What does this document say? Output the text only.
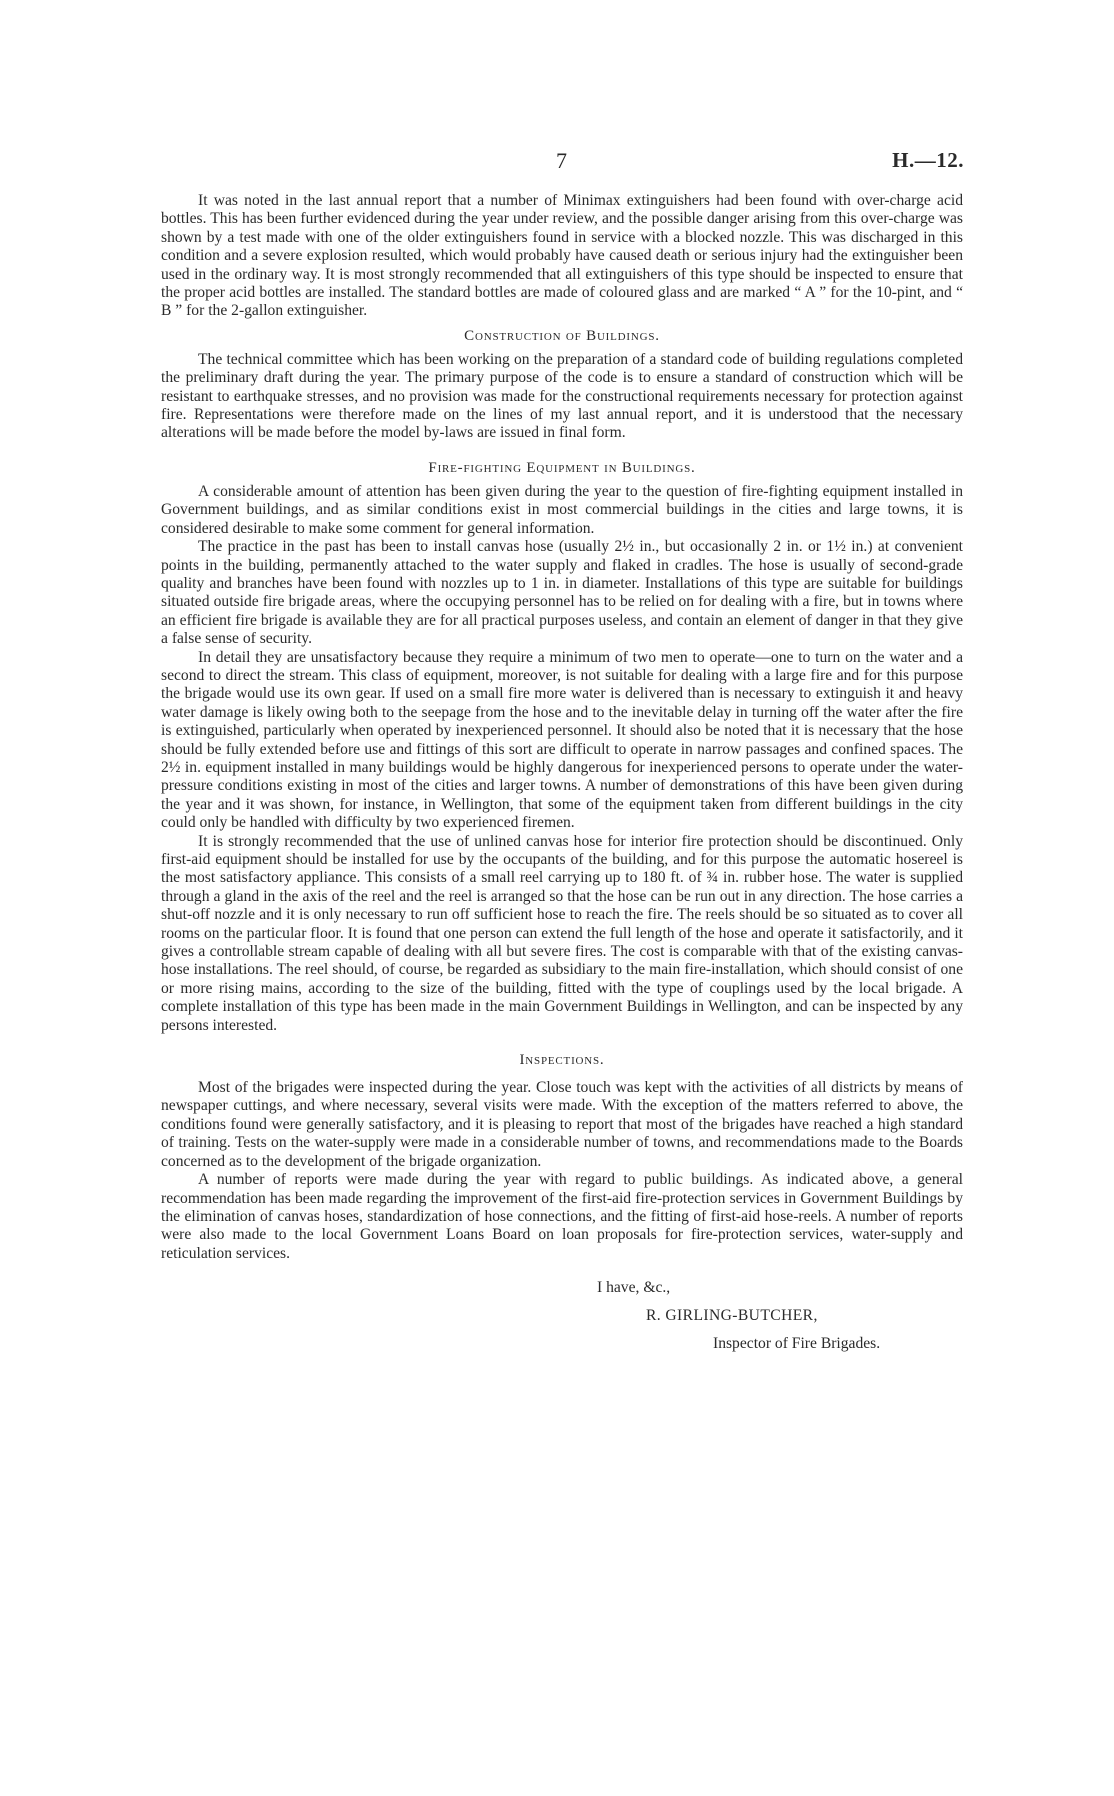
7	H.—12.

It was noted in the last annual report that a number of Minimax extinguishers had been found with over-charge acid bottles. This has been further evidenced during the year under review, and the possible danger arising from this over-charge was shown by a test made with one of the older extinguishers found in service with a blocked nozzle. This was discharged in this condition and a severe explosion resulted, which would probably have caused death or serious injury had the extinguisher been used in the ordinary way. It is most strongly recommended that all extinguishers of this type should be inspected to ensure that the proper acid bottles are installed. The standard bottles are made of coloured glass and are marked “ A ” for the 10-pint, and “ B ” for the 2-gallon extinguisher.

Construction of Buildings.

The technical committee which has been working on the preparation of a standard code of building regulations completed the preliminary draft during the year. The primary purpose of the code is to ensure a standard of construction which will be resistant to earthquake stresses, and no provision was made for the constructional requirements necessary for protection against fire. Representations were therefore made on the lines of my last annual report, and it is understood that the necessary alterations will be made before the model by-laws are issued in final form.

Fire-fighting Equipment in Buildings.

A considerable amount of attention has been given during the year to the question of fire-fighting equipment installed in Government buildings, and as similar conditions exist in most commercial buildings in the cities and large towns, it is considered desirable to make some comment for general information.

The practice in the past has been to install canvas hose (usually 2½ in., but occasionally 2 in. or 1½ in.) at convenient points in the building, permanently attached to the water supply and flaked in cradles. The hose is usually of second-grade quality and branches have been found with nozzles up to 1 in. in diameter. Installations of this type are suitable for buildings situated outside fire brigade areas, where the occupying personnel has to be relied on for dealing with a fire, but in towns where an efficient fire brigade is available they are for all practical purposes useless, and contain an element of danger in that they give a false sense of security.

In detail they are unsatisfactory because they require a minimum of two men to operate—one to turn on the water and a second to direct the stream. This class of equipment, moreover, is not suitable for dealing with a large fire and for this purpose the brigade would use its own gear. If used on a small fire more water is delivered than is necessary to extinguish it and heavy water damage is likely owing both to the seepage from the hose and to the inevitable delay in turning off the water after the fire is extinguished, particularly when operated by inexperienced personnel. It should also be noted that it is necessary that the hose should be fully extended before use and fittings of this sort are difficult to operate in narrow passages and confined spaces. The 2½ in. equipment installed in many buildings would be highly dangerous for inexperienced persons to operate under the water-pressure conditions existing in most of the cities and larger towns. A number of demonstrations of this have been given during the year and it was shown, for instance, in Wellington, that some of the equipment taken from different buildings in the city could only be handled with difficulty by two experienced firemen.

It is strongly recommended that the use of unlined canvas hose for interior fire protection should be discontinued. Only first-aid equipment should be installed for use by the occupants of the building, and for this purpose the automatic hosereel is the most satisfactory appliance. This consists of a small reel carrying up to 180 ft. of ¾ in. rubber hose. The water is supplied through a gland in the axis of the reel and the reel is arranged so that the hose can be run out in any direction. The hose carries a shut-off nozzle and it is only necessary to run off sufficient hose to reach the fire. The reels should be so situated as to cover all rooms on the particular floor. It is found that one person can extend the full length of the hose and operate it satisfactorily, and it gives a controllable stream capable of dealing with all but severe fires. The cost is comparable with that of the existing canvas-hose installations. The reel should, of course, be regarded as subsidiary to the main fire-installation, which should consist of one or more rising mains, according to the size of the building, fitted with the type of couplings used by the local brigade. A complete installation of this type has been made in the main Government Buildings in Wellington, and can be inspected by any persons interested.

Inspections.

Most of the brigades were inspected during the year. Close touch was kept with the activities of all districts by means of newspaper cuttings, and where necessary, several visits were made. With the exception of the matters referred to above, the conditions found were generally satisfactory, and it is pleasing to report that most of the brigades have reached a high standard of training. Tests on the water-supply were made in a considerable number of towns, and recommendations made to the Boards concerned as to the development of the brigade organization.

A number of reports were made during the year with regard to public buildings. As indicated above, a general recommendation has been made regarding the improvement of the first-aid fire-protection services in Government Buildings by the elimination of canvas hoses, standardization of hose connections, and the fitting of first-aid hose-reels. A number of reports were also made to the local Government Loans Board on loan proposals for fire-protection services, water-supply and reticulation services.

I have, &c.,
R. GIRLING-BUTCHER,
Inspector of Fire Brigades.
